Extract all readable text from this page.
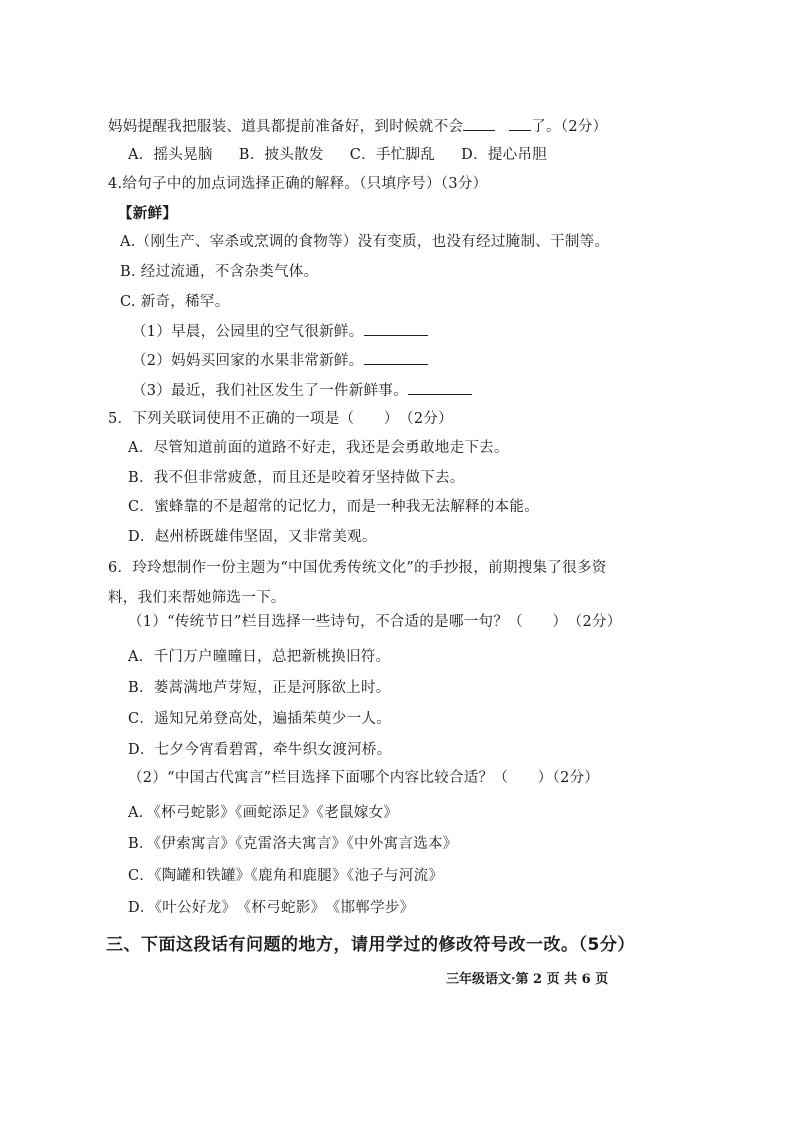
妈妈提醒我把服装、道具都提前准备好，到时候就不会	了。（2分）
A．摇头晃脑 B．披头散发 C．手忙脚乱 D．提心吊胆
4.给句子中的加点词选择正确的解释。（只填序号）（3分）
【新鲜】
A.（刚生产、宰杀或烹调的食物等）没有变质，也没有经过腌制、干制等。
B. 经过流通，不含杂类气体。
C. 新奇，稀罕。
（1）早晨，公园里的空气很新鲜。
（2）妈妈买回家的水果非常新鲜。
（3）最近，我们社区发生了一件新鲜事。
5．下列关联词使用不正确的一项是（　　）　（2分）
A．尽管知道前面的道路不好走，我还是会勇敢地走下去。
B．我不但非常疲惫，而且还是咬着牙坚持做下去。
C．蜜蜂靠的不是超常的记忆力，而是一种我无法解释的本能。
D．赵州桥既雄伟坚固，又非常美观。
6．玲玲想制作一份主题为“中国优秀传统文化”的手抄报，前期搜集了很多资
料，我们来帮她筛选一下。
（1）“传统节日”栏目选择一些诗句，不合适的是哪一句？（　　）　（2分）
A．千门万户曈曈日，总把新桃换旧符。
B．蒌蒿满地芦芽短，正是河豚欲上时。
C．遥知兄弟登高处，遍插茱萸少一人。
D．七夕今宵看碧霄，牵牛织女渡河桥。
（2）“中国古代寓言”栏目选择下面哪个内容比较合适？（　　）（2分）
A．《杯弓蛇影》《画蛇添足》《老鼠嫁女》
B．《伊索寓言》《克雷洛夫寓言》《中外寓言选本》
C．《陶罐和铁罐》《鹿角和鹿腿》《池子与河流》
D．《叶公好龙》　《杯弓蛇影》　《邯郸学步》
三、下面这段话有问题的地方，请用学过的修改符号改一改。（5分）
三年级语文·第 2 页 共 6 页
